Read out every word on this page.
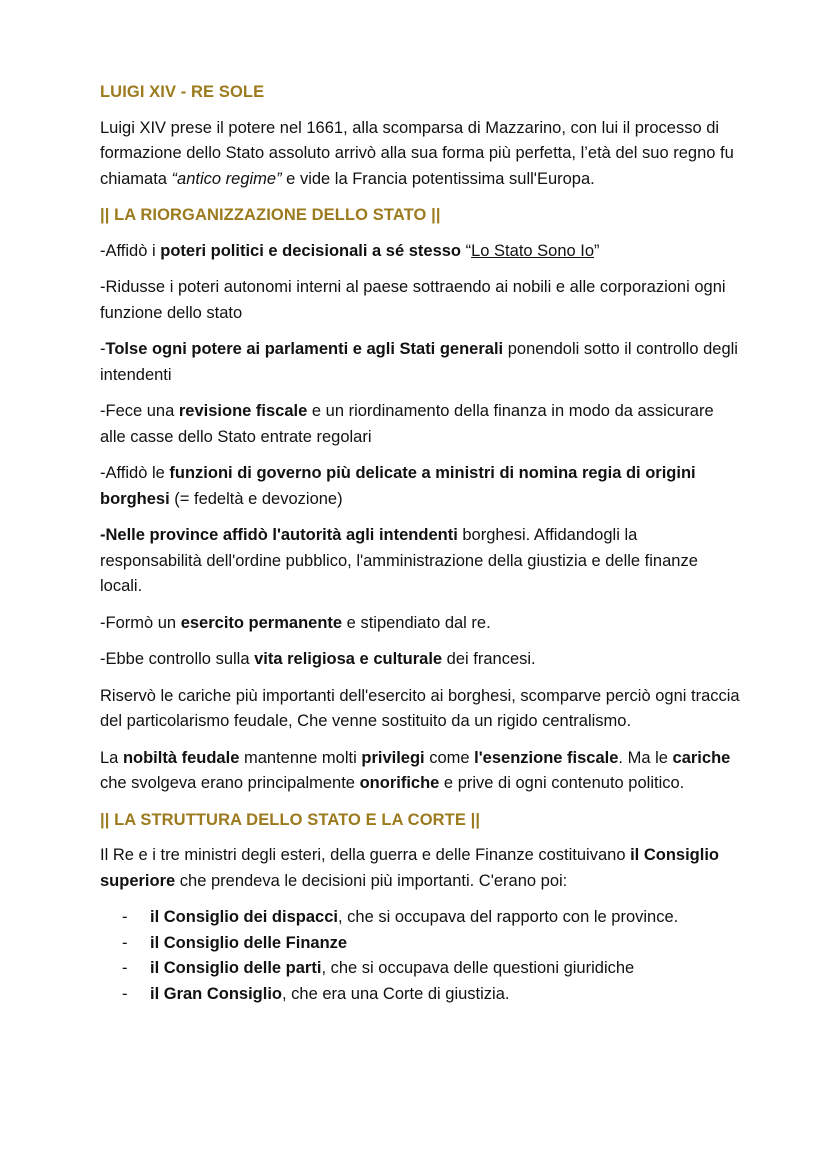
LUIGI XIV - RE SOLE

Luigi XIV prese il potere nel 1661, alla scomparsa di Mazzarino, con lui il processo di formazione dello Stato assoluto arrivò alla sua forma più perfetta, l’età del suo regno fu chiamata “antico regime” e vide la Francia potentissima sull'Europa.

|| LA RIORGANIZZAZIONE DELLO STATO ||

-Affidò i poteri politici e decisionali a sé stesso “Lo Stato Sono Io”

-Ridusse i poteri autonomi interni al paese sottraendo ai nobili e alle corporazioni ogni funzione dello stato

-Tolse ogni potere ai parlamenti e agli Stati generali ponendoli sotto il controllo degli intendenti

-Fece una revisione fiscale e un riordinamento della finanza in modo da assicurare alle casse dello Stato entrate regolari

-Affidò le funzioni di governo più delicate a ministri di nomina regia di origini borghesi (= fedeltà e devozione)

-Nelle province affidò l'autorità agli intendenti borghesi. Affidandogli la responsabilità dell'ordine pubblico, l'amministrazione della giustizia e delle finanze locali.

-Formò un esercito permanente e stipendiato dal re.

-Ebbe controllo sulla vita religiosa e culturale dei francesi.

Riservò le cariche più importanti dell'esercito ai borghesi, scomparve perciò ogni traccia del particolarismo feudale, Che venne sostituito da un rigido centralismo.

La nobiltà feudale mantenne molti privilegi come l'esenzione fiscale. Ma le cariche che svolgeva erano principalmente onorifiche e prive di ogni contenuto politico.

|| LA STRUTTURA DELLO STATO E LA CORTE ||

Il Re e i tre ministri degli esteri, della guerra e delle Finanze costituivano il Consiglio superiore che prendeva le decisioni più importanti. C'erano poi:

- il Consiglio dei dispacci, che si occupava del rapporto con le province.
- il Consiglio delle Finanze
- il Consiglio delle parti, che si occupava delle questioni giuridiche
- il Gran Consiglio, che era una Corte di giustizia.
